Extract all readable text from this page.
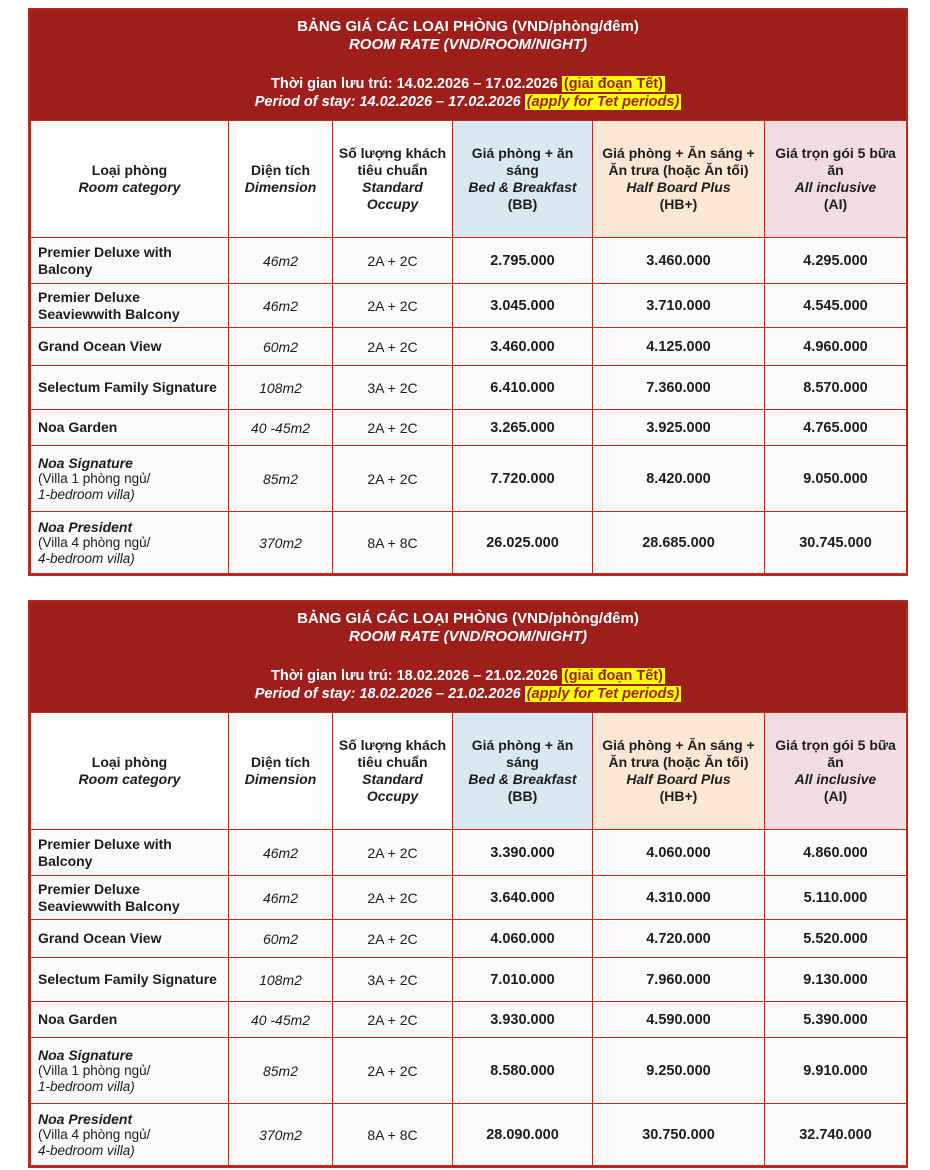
BẢNG GIÁ CÁC LOẠI PHÒNG (VND/phòng/đêm)
ROOM RATE (VND/ROOM/NIGHT)
Thời gian lưu trú: 14.02.2026 – 17.02.2026 (giai đoạn Tết)
Period of stay: 14.02.2026 – 17.02.2026 (apply for Tet periods)
Loại phòng
Room category

Diện tích
Dimension

Số lượng khách tiêu chuẩn
Standard Occupy

Giá phòng + ăn sáng
Bed & Breakfast
(BB)

Giá phòng + Ăn sáng + Ăn trưa (hoặc Ăn tối)
Half Board Plus
(HB+)

Giá trọn gói 5 bữa ăn
All inclusive
(AI)

Premier Deluxe with Balcony	46m2	2A + 2C	2.795.000	3.460.000	4.295.000

Premier Deluxe Seaviewwith Balcony	46m2	2A + 2C	3.045.000	3.710.000	4.545.000

Grand Ocean View	60m2	2A + 2C	3.460.000	4.125.000	4.960.000

Selectum Family Signature	108m2	3A + 2C	6.410.000	7.360.000	8.570.000

Noa Garden	40 -45m2	2A + 2C	3.265.000	3.925.000	4.765.000

Noa Signature
(Villa 1 phòng ngủ/
1-bedroom villa)	85m2	2A + 2C	7.720.000	8.420.000	9.050.000

Noa President
(Villa 4 phòng ngủ/
4-bedroom villa)	370m2	8A + 8C	26.025.000	28.685.000	30.745.000
BẢNG GIÁ CÁC LOẠI PHÒNG (VND/phòng/đêm)
ROOM RATE (VND/ROOM/NIGHT)
Thời gian lưu trú: 18.02.2026 – 21.02.2026 (giai đoạn Tết)
Period of stay: 18.02.2026 – 21.02.2026 (apply for Tet periods)
Loại phòng
Room category

Diện tích
Dimension

Số lượng khách tiêu chuẩn
Standard Occupy

Giá phòng + ăn sáng
Bed & Breakfast
(BB)

Giá phòng + Ăn sáng + Ăn trưa (hoặc Ăn tối)
Half Board Plus
(HB+)

Giá trọn gói 5 bữa ăn
All inclusive
(AI)

Premier Deluxe with Balcony	46m2	2A + 2C	3.390.000	4.060.000	4.860.000

Premier Deluxe Seaviewwith Balcony	46m2	2A + 2C	3.640.000	4.310.000	5.110.000

Grand Ocean View	60m2	2A + 2C	4.060.000	4.720.000	5.520.000

Selectum Family Signature	108m2	3A + 2C	7.010.000	7.960.000	9.130.000

Noa Garden	40 -45m2	2A + 2C	3.930.000	4.590.000	5.390.000

Noa Signature
(Villa 1 phòng ngủ/
1-bedroom villa)	85m2	2A + 2C	8.580.000	9.250.000	9.910.000

Noa President
(Villa 4 phòng ngủ/
4-bedroom villa)	370m2	8A + 8C	28.090.000	30.750.000	32.740.000
